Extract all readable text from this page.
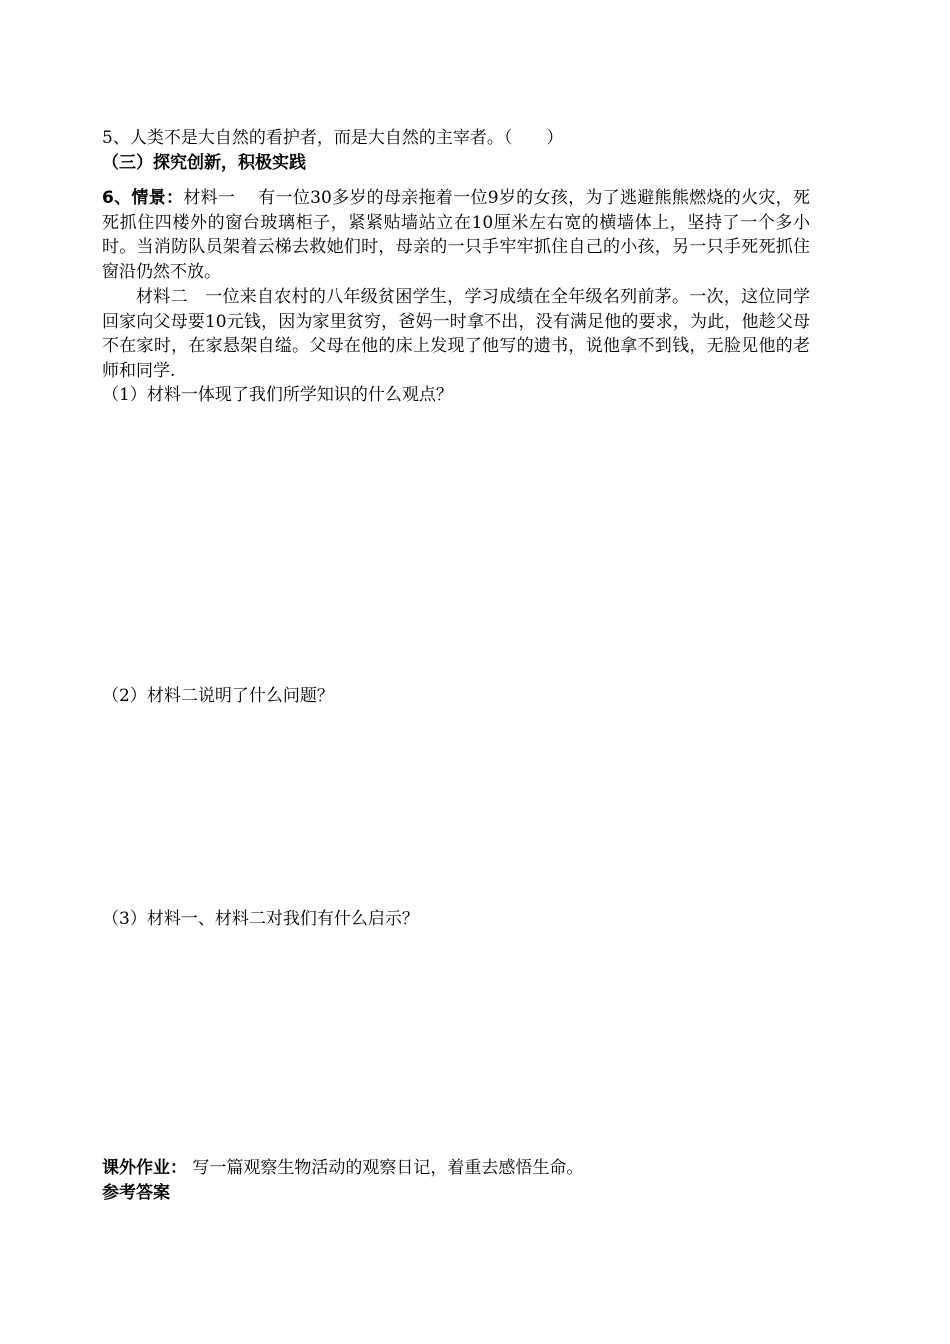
5、人类不是大自然的看护者，而是大自然的主宰者。（　　）
（三）探究创新，积极实践
6、情景：材料一　 有一位30多岁的母亲拖着一位9岁的女孩，为了逃避熊熊燃烧的火灾，死死抓住四楼外的窗台玻璃柜子，紧紧贴墙站立在10厘米左右宽的横墙体上，坚持了一个多小时。当消防队员架着云梯去救她们时，母亲的一只手牢牢抓住自己的小孩，另一只手死死抓住窗沿仍然不放。
材料二　一位来自农村的八年级贫困学生，学习成绩在全年级名列前茅。一次，这位同学回家向父母要10元钱，因为家里贫穷，爸妈一时拿不出，没有满足他的要求，为此，他趁父母不在家时，在家悬架自缢。父母在他的床上发现了他写的遗书，说他拿不到钱，无脸见他的老师和同学.
（1）材料一体现了我们所学知识的什么观点？
（2）材料二说明了什么问题？
（3）材料一、材料二对我们有什么启示？
课外作业： 写一篇观察生物活动的观察日记，着重去感悟生命。
参考答案
